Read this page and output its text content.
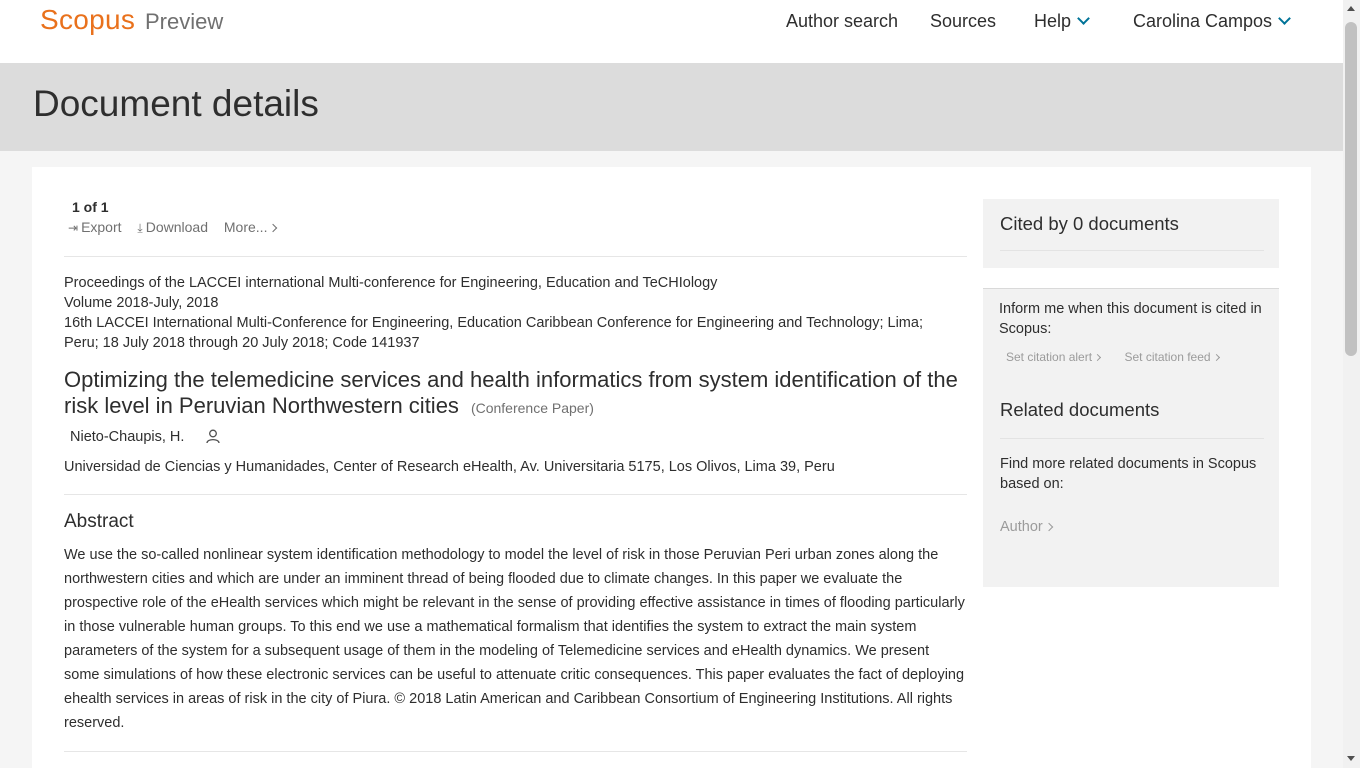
Scopus Preview	Author search Sources Help	Carolina Campos
Document details
1 of 1
⇥ Export ⤓ Download More...
Proceedings of the LACCEI international Multi-conference for Engineering, Education and TeCHIology
Volume 2018-July, 2018
16th LACCEI International Multi-Conference for Engineering, Education Caribbean Conference for Engineering and Technology; Lima; Peru; 18 July 2018 through 20 July 2018; Code 141937
Optimizing the telemedicine services and health informatics from system identification of the risk level in Peruvian Northwestern cities (Conference Paper)
Nieto-Chaupis, H.
Universidad de Ciencias y Humanidades, Center of Research eHealth, Av. Universitaria 5175, Los Olivos, Lima 39, Peru
Abstract
We use the so-called nonlinear system identification methodology to model the level of risk in those Peruvian Peri urban zones along the northwestern cities and which are under an imminent thread of being flooded due to climate changes. In this paper we evaluate the prospective role of the eHealth services which might be relevant in the sense of providing effective assistance in times of flooding particularly in those vulnerable human groups. To this end we use a mathematical formalism that identifies the system to extract the main system parameters of the system for a subsequent usage of them in the modeling of Telemedicine services and eHealth dynamics. We present some simulations of how these electronic services can be useful to attenuate critic consequences. This paper evaluates the fact of deploying ehealth services in areas of risk in the city of Piura. © 2018 Latin American and Caribbean Consortium of Engineering Institutions. All rights reserved.
Cited by 0 documents
Inform me when this document is cited in Scopus:
Set citation alert	Set citation feed
Related documents
Find more related documents in Scopus based on:
Author
